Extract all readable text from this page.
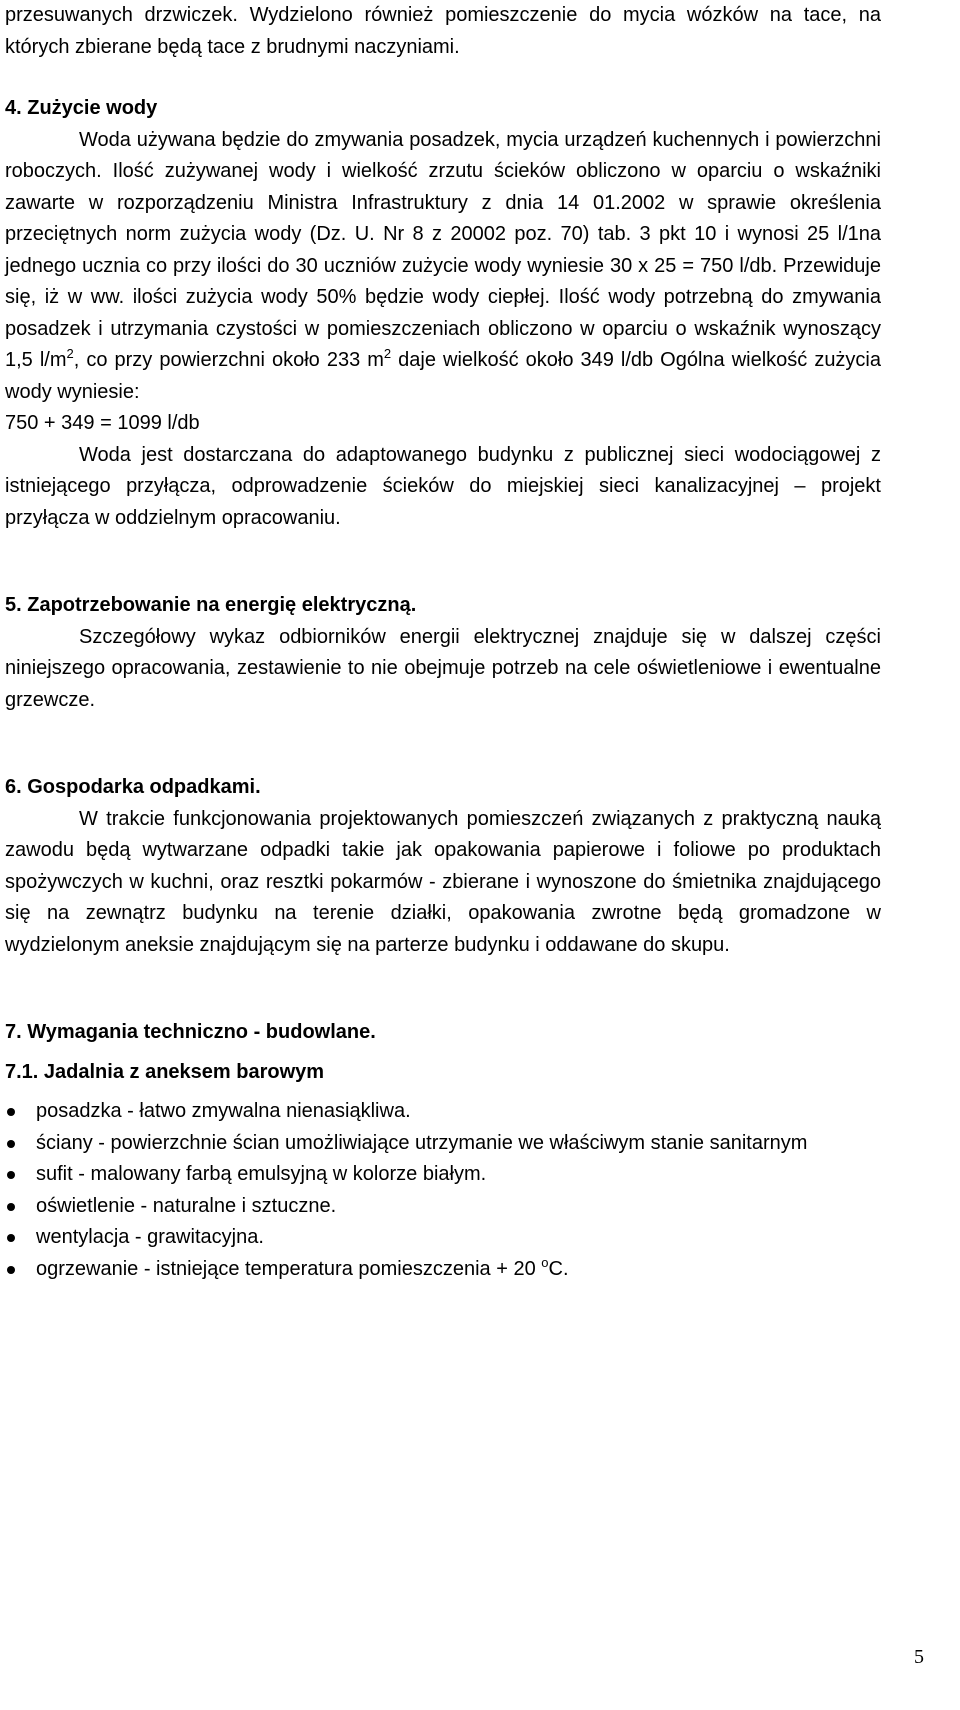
przesuwanych drzwiczek. Wydzielono również pomieszczenie do mycia wózków na tace, na których zbierane będą tace z brudnymi naczyniami.

4. Zużycie wody

Woda używana będzie do zmywania posadzek, mycia urządzeń kuchennych i powierzchni roboczych. Ilość zużywanej wody i wielkość zrzutu ścieków obliczono w oparciu o wskaźniki zawarte w rozporządzeniu Ministra Infrastruktury z dnia 14 01.2002 w sprawie określenia przeciętnych norm zużycia wody (Dz. U. Nr 8 z 20002 poz. 70) tab. 3 pkt 10 i wynosi 25 l/1na jednego ucznia co przy ilości do 30 uczniów zużycie wody wyniesie 30 x 25 = 750 l/db. Przewiduje się, iż w ww. ilości zużycia wody 50% będzie wody ciepłej. Ilość wody potrzebną do zmywania posadzek i utrzymania czystości w pomieszczeniach obliczono w oparciu o wskaźnik wynoszący 1,5 $l/m^2$, co przy powierzchni około 233 $m^2$ daje wielkość około 349 l/db Ogólna wielkość zużycia wody wyniesie:

750 + 349 = 1099 l/db

Woda jest dostarczana do adaptowanego budynku z publicznej sieci wodociągowej z istniejącego przyłącza, odprowadzenie ścieków do miejskiej sieci kanalizacyjnej – projekt przyłącza w oddzielnym opracowaniu.

5. Zapotrzebowanie na energię elektryczną.

Szczegółowy wykaz odbiorników energii elektrycznej znajduje się w dalszej części niniejszego opracowania, zestawienie to nie obejmuje potrzeb na cele oświetleniowe i ewentualne grzewcze.

6. Gospodarka odpadkami.

W trakcie funkcjonowania projektowanych pomieszczeń związanych z praktyczną nauką zawodu będą wytwarzane odpadki takie jak opakowania papierowe i foliowe po produktach spożywczych w kuchni, oraz resztki pokarmów - zbierane i wynoszone do śmietnika znajdującego się na zewnątrz budynku na terenie działki, opakowania zwrotne będą gromadzone w wydzielonym aneksie znajdującym się na parterze budynku i oddawane do skupu.

7. Wymagania techniczno - budowlane.

7.1. Jadalnia z aneksem barowym

posadzka - łatwo zmywalna nienasiąkliwa.
ściany - powierzchnie ścian umożliwiające utrzymanie we właściwym stanie sanitarnym
sufit - malowany farbą emulsyjną w kolorze białym.
oświetlenie - naturalne i sztuczne.
wentylacja - grawitacyjna.
ogrzewanie - istniejące temperatura pomieszczenia + 20 $^o$C.
5
